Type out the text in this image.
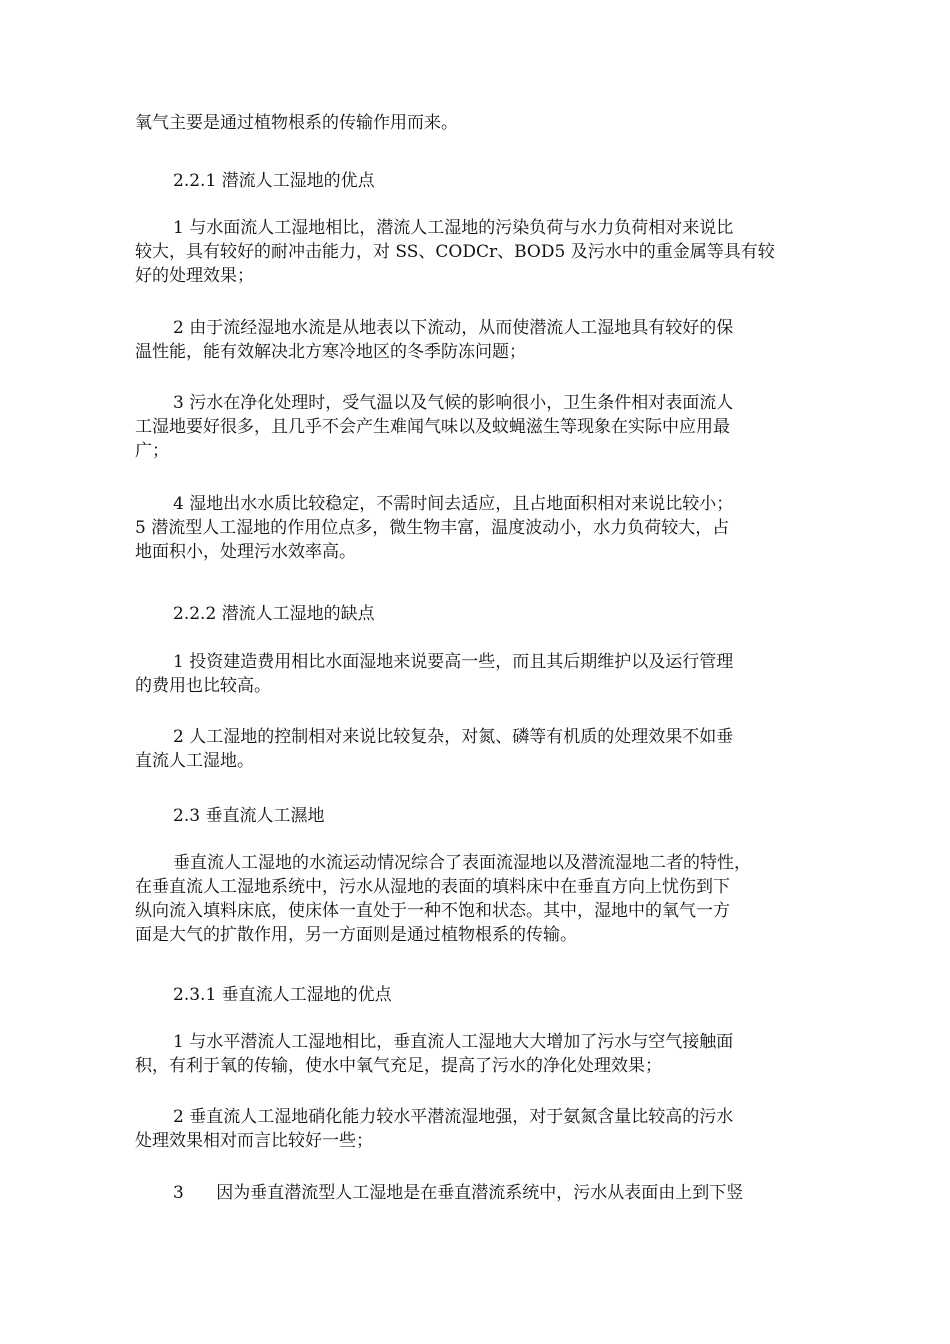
氧气主要是通过植物根系的传输作用而来。

2.2.1 潜流人工湿地的优点

1 与水面流人工湿地相比，潜流人工湿地的污染负荷与水力负荷相对来说比
较大，具有较好的耐冲击能力，对 SS、CODCr、BOD5 及污水中的重金属等具有较
好的处理效果；

2 由于流经湿地水流是从地表以下流动，从而使潜流人工湿地具有较好的保
温性能，能有效解决北方寒冷地区的冬季防冻问题；

3 污水在净化处理时，受气温以及气候的影响很小，卫生条件相对表面流人
工湿地要好很多，且几乎不会产生难闻气味以及蚊蝇滋生等现象在实际中应用最
广；

4 湿地出水水质比较稳定，不需时间去适应，且占地面积相对来说比较小；
5 潜流型人工湿地的作用位点多，微生物丰富，温度波动小，水力负荷较大，占
地面积小，处理污水效率高。

2.2.2 潜流人工湿地的缺点

1 投资建造费用相比水面湿地来说要高一些，而且其后期维护以及运行管理
的费用也比较高。

2 人工湿地的控制相对来说比较复杂，对氮、磷等有机质的处理效果不如垂
直流人工湿地。

2.3 垂直流人工濕地

垂直流人工湿地的水流运动情况综合了表面流湿地以及潜流湿地二者的特性，
在垂直流人工湿地系统中，污水从湿地的表面的填料床中在垂直方向上忧伤到下
纵向流入填料床底，使床体一直处于一种不饱和状态。其中，湿地中的氧气一方
面是大气的扩散作用，另一方面则是通过植物根系的传输。

2.3.1 垂直流人工湿地的优点

1 与水平潜流人工湿地相比，垂直流人工湿地大大增加了污水与空气接触面
积，有利于氧的传输，使水中氧气充足，提高了污水的净化处理效果；

2 垂直流人工湿地硝化能力较水平潜流湿地强，对于氨氮含量比较高的污水
处理效果相对而言比较好一些；

3      因为垂直潜流型人工湿地是在垂直潜流系统中，污水从表面由上到下竖
